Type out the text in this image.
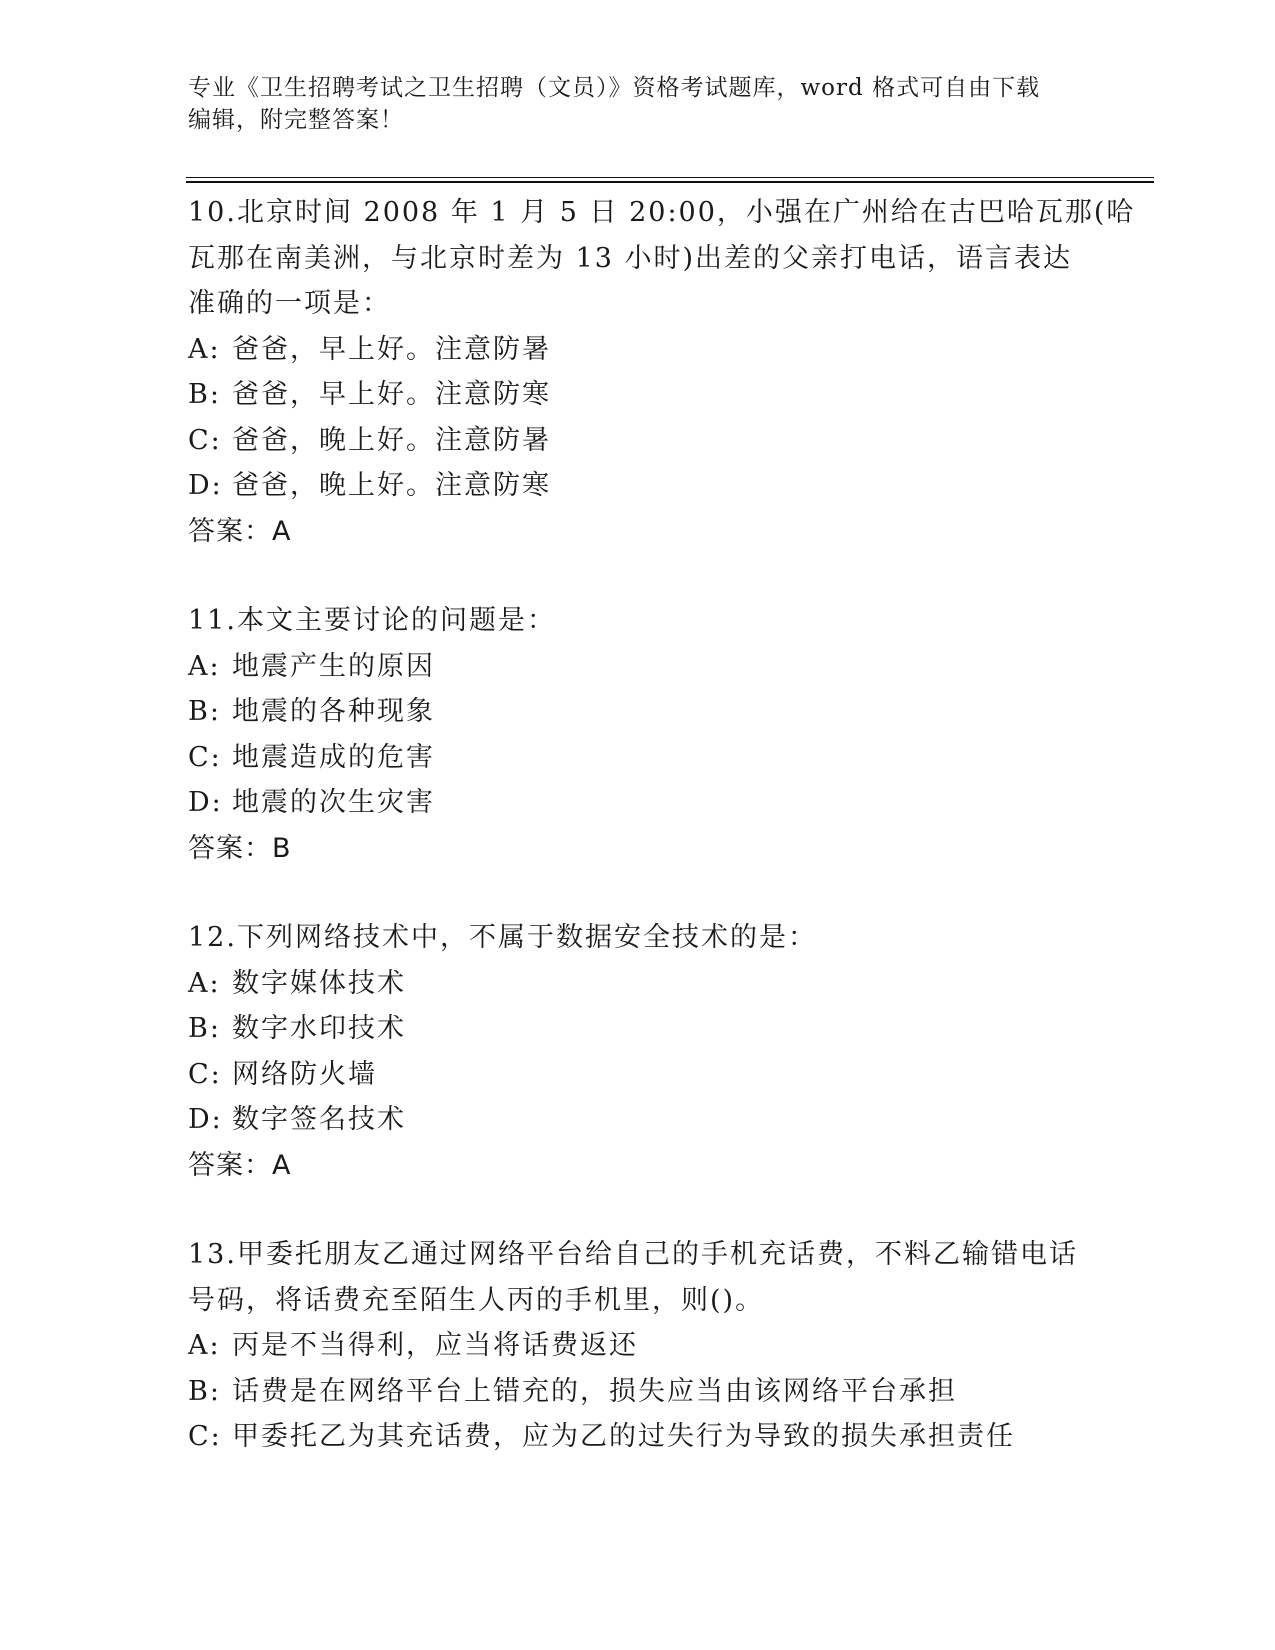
专业《卫生招聘考试之卫生招聘（文员）》资格考试题库，word 格式可自由下载
编辑，附完整答案！
10.北京时间 2008 年 1 月 5 日 20:00，小强在广州给在古巴哈瓦那(哈
瓦那在南美洲，与北京时差为 13 小时)出差的父亲打电话，语言表达
准确的一项是：
A: 爸爸，早上好。注意防暑
B: 爸爸，早上好。注意防寒
C: 爸爸，晚上好。注意防暑
D: 爸爸，晚上好。注意防寒
答案：A
11.本文主要讨论的问题是：
A: 地震产生的原因
B: 地震的各种现象
C: 地震造成的危害
D: 地震的次生灾害
答案：B
12.下列网络技术中，不属于数据安全技术的是：
A: 数字媒体技术
B: 数字水印技术
C: 网络防火墙
D: 数字签名技术
答案：A
13.甲委托朋友乙通过网络平台给自己的手机充话费，不料乙输错电话
号码，将话费充至陌生人丙的手机里，则()。
A: 丙是不当得利，应当将话费返还
B: 话费是在网络平台上错充的，损失应当由该网络平台承担
C: 甲委托乙为其充话费，应为乙的过失行为导致的损失承担责任
